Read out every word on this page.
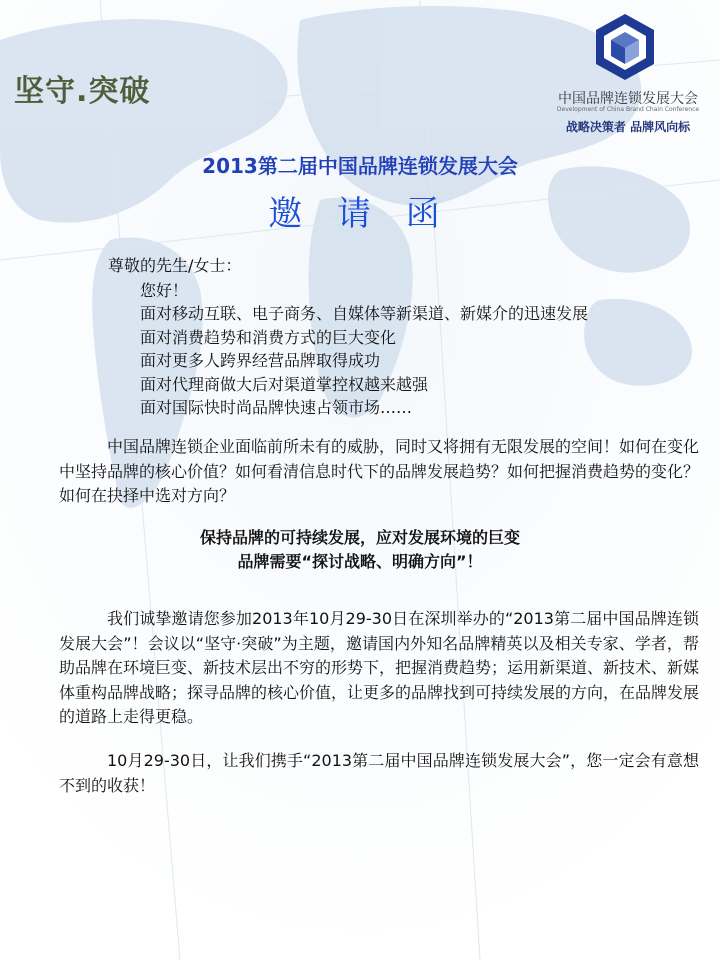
坚守.突破	中国品牌连锁发展大会
Development of China Brand Chain Conference
战略决策者 品牌风向标
2013第二届中国品牌连锁发展大会
邀 请 函
尊敬的先生/女士：
您好！
面对移动互联、电子商务、自媒体等新渠道、新媒介的迅速发展
面对消费趋势和消费方式的巨大变化
面对更多人跨界经营品牌取得成功
面对代理商做大后对渠道掌控权越来越强
面对国际快时尚品牌快速占领市场……

中国品牌连锁企业面临前所未有的威胁，同时又将拥有无限发展的空间！如何在变化中坚持品牌的核心价值？如何看清信息时代下的品牌发展趋势？如何把握消费趋势的变化？如何在抉择中选对方向？

保持品牌的可持续发展，应对发展环境的巨变
品牌需要“探讨战略、明确方向”！

我们诚挚邀请您参加2013年10月29-30日在深圳举办的“2013第二届中国品牌连锁发展大会”！会议以“坚守·突破”为主题，邀请国内外知名品牌精英以及相关专家、学者，帮助品牌在环境巨变、新技术层出不穷的形势下，把握消费趋势；运用新渠道、新技术、新媒体重构品牌战略；探寻品牌的核心价值，让更多的品牌找到可持续发展的方向，在品牌发展的道路上走得更稳。

10月29-30日，让我们携手“2013第二届中国品牌连锁发展大会”，您一定会有意想不到的收获！
